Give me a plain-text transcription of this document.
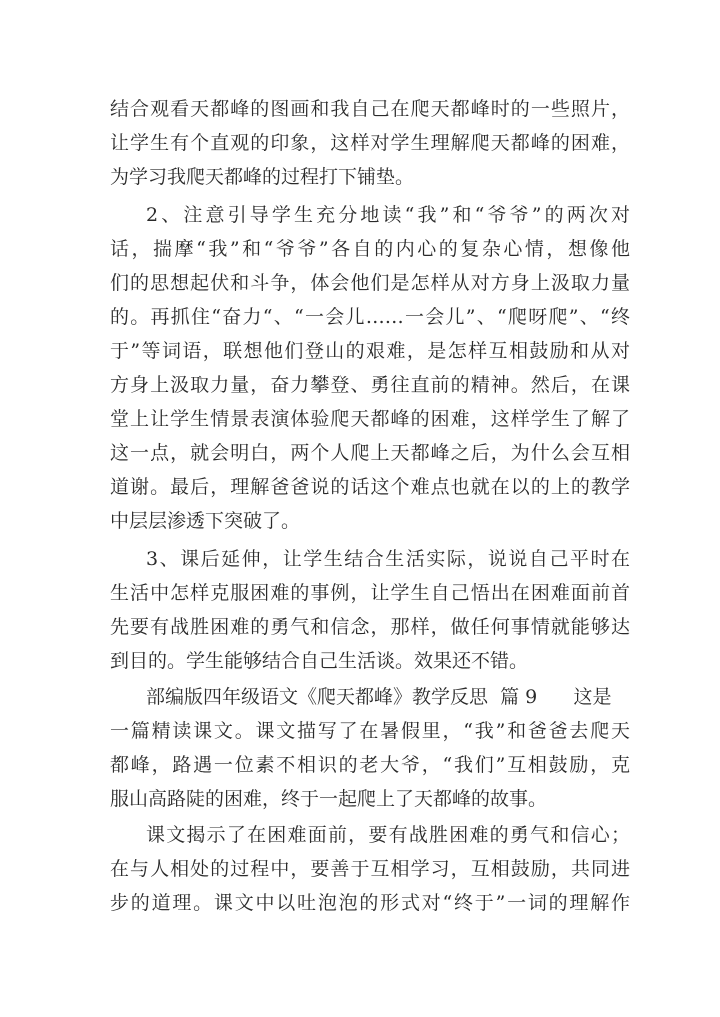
结合观看天都峰的图画和我自己在爬天都峰时的一些照片，
让学生有个直观的印象，这样对学生理解爬天都峰的困难，
为学习我爬天都峰的过程打下铺垫。
2、注意引导学生充分地读“我”和“爷爷”的两次对
话，揣摩“我”和“爷爷”各自的内心的复杂心情，想像他
们的思想起伏和斗争，体会他们是怎样从对方身上汲取力量
的。再抓住“奋力“、“一会儿……一会儿”、“爬呀爬”、“终
于”等词语，联想他们登山的艰难，是怎样互相鼓励和从对
方身上汲取力量，奋力攀登、勇往直前的精神。然后，在课
堂上让学生情景表演体验爬天都峰的困难，这样学生了解了
这一点，就会明白，两个人爬上天都峰之后，为什么会互相
道谢。最后，理解爸爸说的话这个难点也就在以的上的教学
中层层渗透下突破了。
3、课后延伸，让学生结合生活实际，说说自己平时在
生活中怎样克服困难的事例，让学生自己悟出在困难面前首
先要有战胜困难的勇气和信念，那样，做任何事情就能够达
到目的。学生能够结合自己生活谈。效果还不错。
部编版四年级语文《爬天都峰》教学反思  篇 9      这是
一篇精读课文。课文描写了在暑假里，“我”和爸爸去爬天
都峰，路遇一位素不相识的老大爷，“我们”互相鼓励，克
服山高路陡的困难，终于一起爬上了天都峰的故事。
课文揭示了在困难面前，要有战胜困难的勇气和信心；
在与人相处的过程中，要善于互相学习，互相鼓励，共同进
步的道理。课文中以吐泡泡的形式对“终于”一词的理解作
